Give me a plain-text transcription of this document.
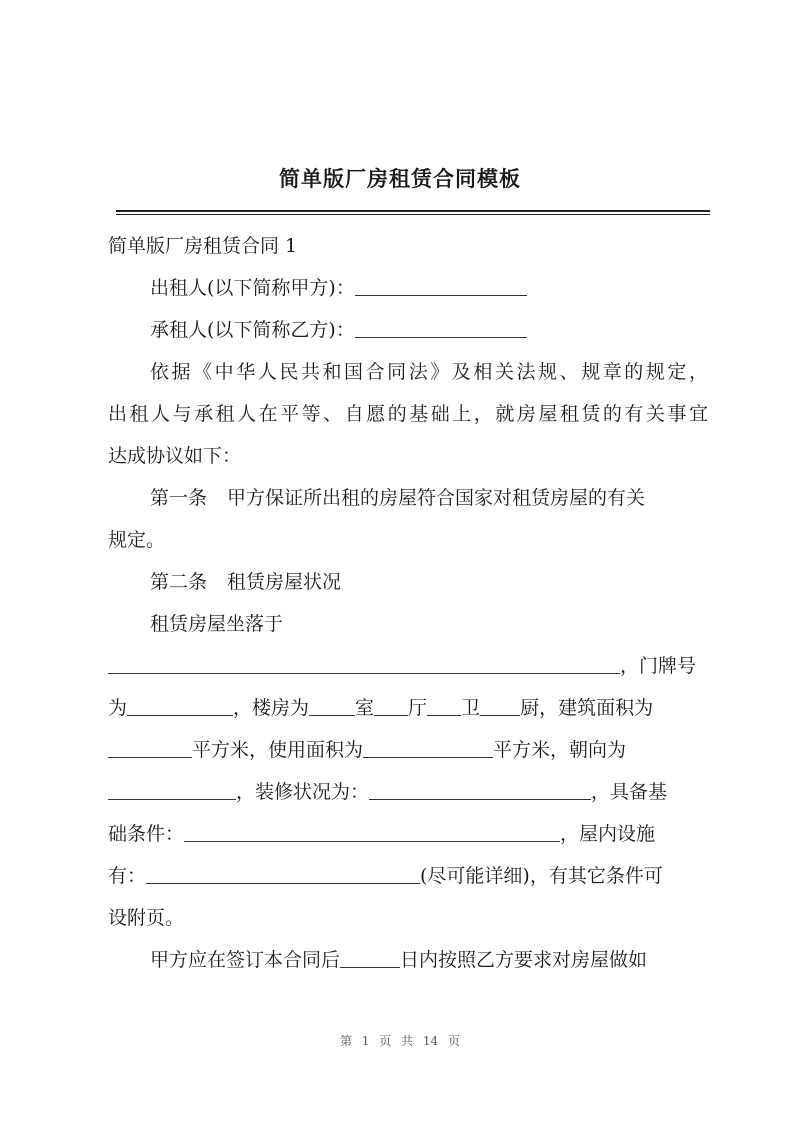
简单版厂房租赁合同模板
简单版厂房租赁合同 1
出租人(以下简称甲方)：
承租人(以下简称乙方)：
依据《中华人民共和国合同法》及相关法规、规章的规定，
出租人与承租人在平等、自愿的基础上，就房屋租赁的有关事宜
达成协议如下：
第一条 甲方保证所出租的房屋符合国家对租赁房屋的有关
规定。
第二条 租赁房屋状况
租赁房屋坐落于
，门牌号
为	，楼房为 室 厅 卫 厨，建筑面积为
平方米，使用面积为	平方米，朝向为
，装修状况为：	，具备基
础条件：	，屋内设施
有：	(尽可能详细)，有其它条件可
设附页。
甲方应在签订本合同后	日内按照乙方要求对房屋做如
第 1 页 共 14 页
